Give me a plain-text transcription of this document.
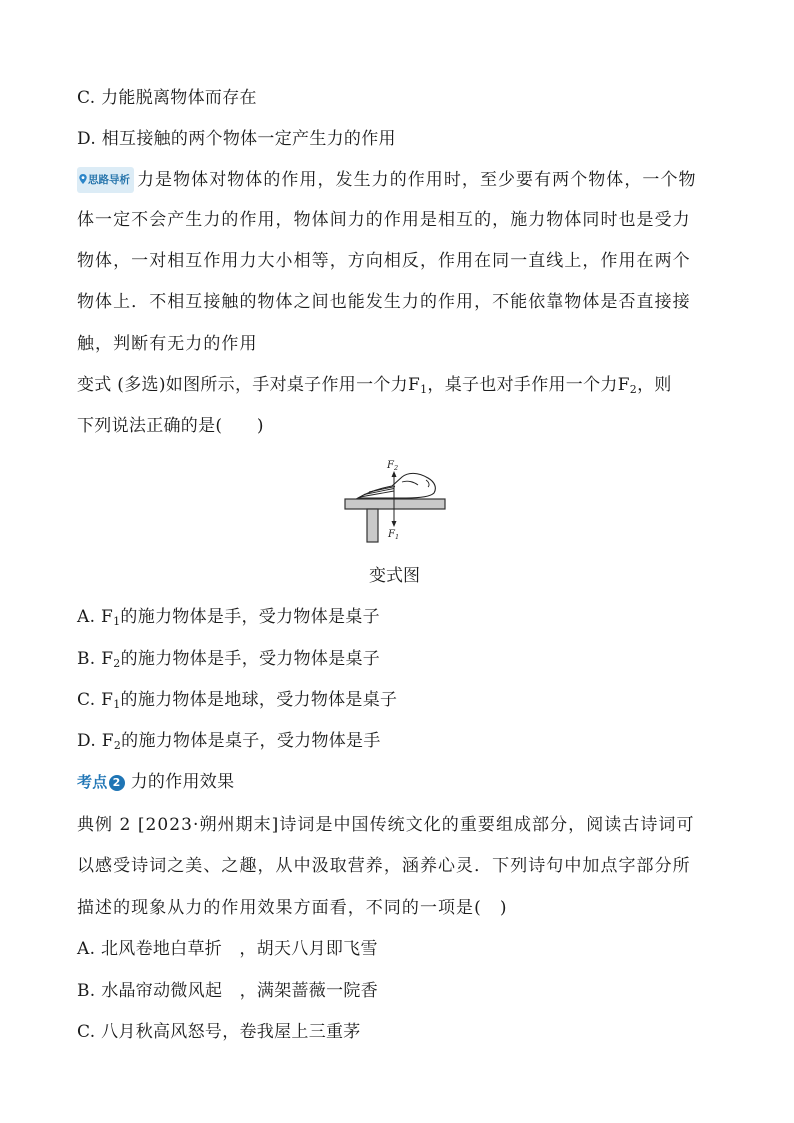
C. 力能脱离物体而存在
D. 相互接触的两个物体一定产生力的作用
思路导析 力是物体对物体的作用，发生力的作用时，至少要有两个物体，一个物
体一定不会产生力的作用，物体间力的作用是相互的，施力物体同时也是受力
物体，一对相互作用力大小相等，方向相反，作用在同一直线上，作用在两个
物体上．不相互接触的物体之间也能发生力的作用，不能依靠物体是否直接接
触，判断有无力的作用
变式 (多选)如图所示，手对桌子作用一个力$F_1$，桌子也对手作用一个力$F_2$，则
下列说法正确的是(　　)
$F_2$
$F_1$
变式图
A. $F_1$的施力物体是手，受力物体是桌子
B. $F_2$的施力物体是手，受力物体是桌子
C. $F_1$的施力物体是地球，受力物体是桌子
D. $F_2$的施力物体是桌子，受力物体是手
考点 2 力的作用效果
典例 2 [2023·朔州期末]诗词是中国传统文化的重要组成部分，阅读古诗词可
以感受诗词之美、之趣，从中汲取营养，涵养心灵．下列诗句中加点字部分所
描述的现象从力的作用效果方面看，不同的一项是(　)
A. 北风卷地白草折　，胡天八月即飞雪
B. 水晶帘动微风起　，满架蔷薇一院香
C. 八月秋高风怒号，卷我屋上三重茅
